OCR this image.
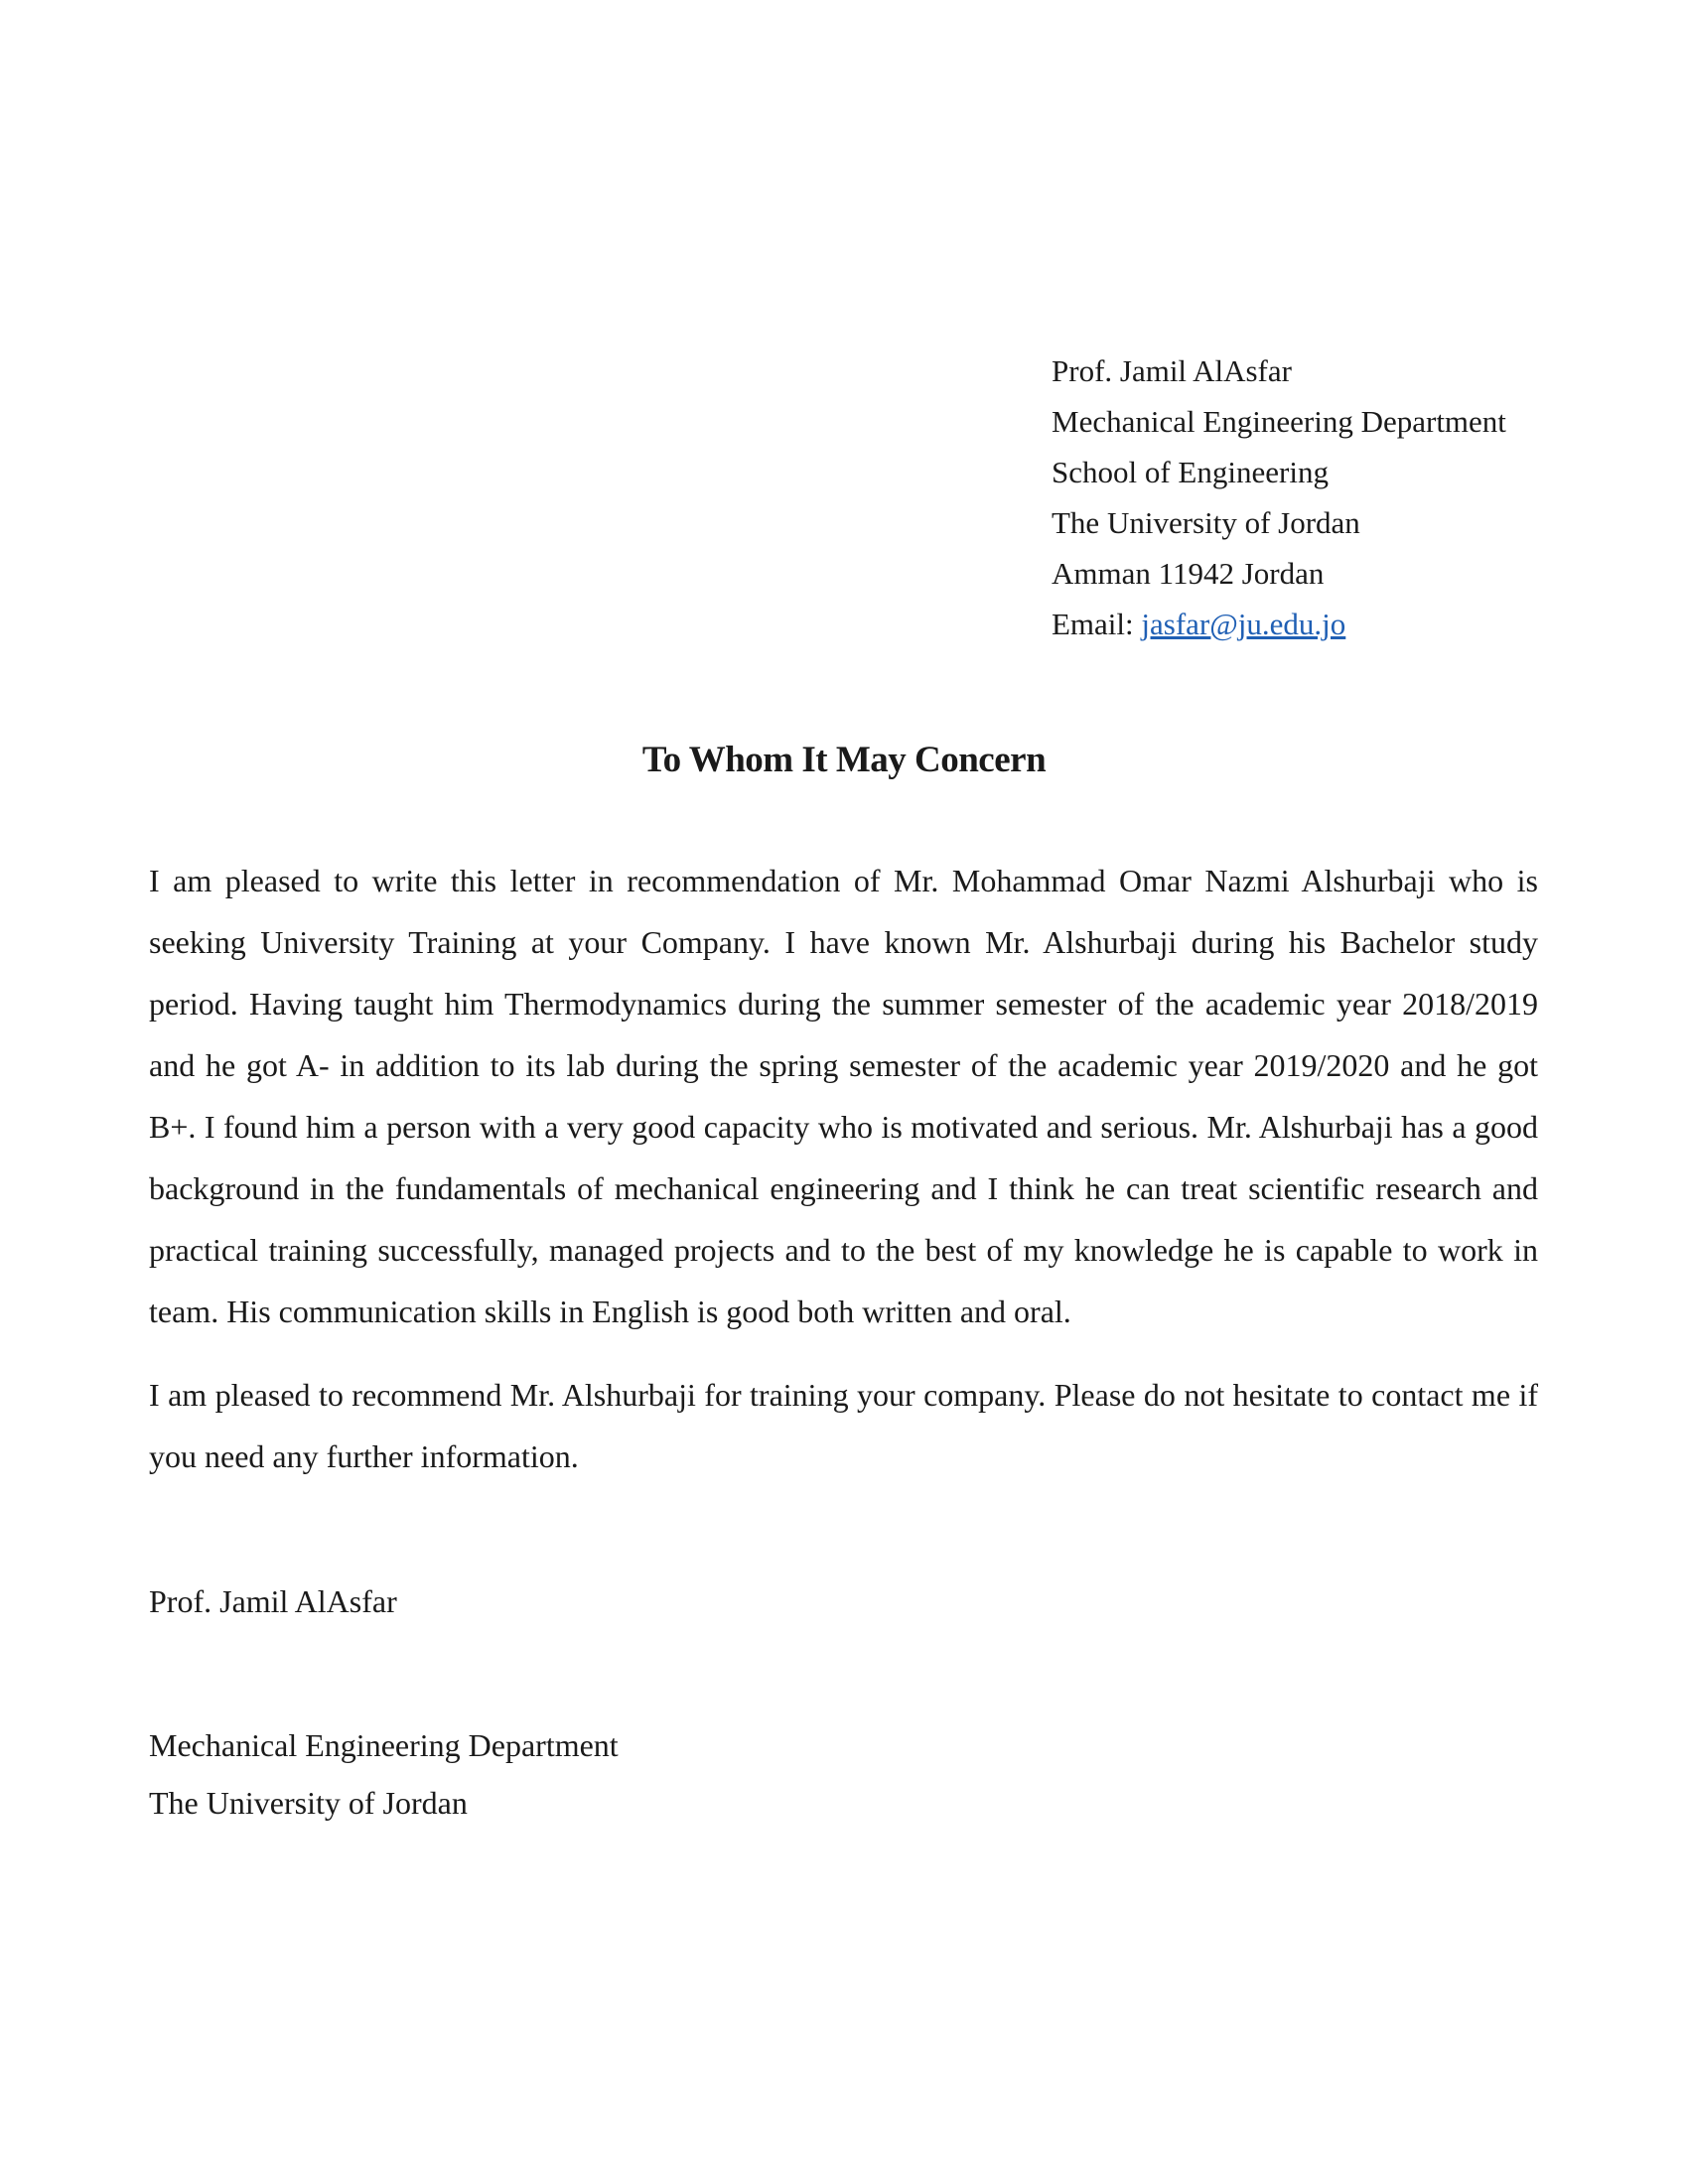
Prof. Jamil AlAsfar
Mechanical Engineering Department
School of Engineering
The University of Jordan
Amman 11942 Jordan
Email: jasfar@ju.edu.jo
To Whom It May Concern

I am pleased to write this letter in recommendation of Mr. Mohammad Omar Nazmi Alshurbaji who is seeking University Training at your Company. I have known Mr. Alshurbaji during his Bachelor study period. Having taught him Thermodynamics during the summer semester of the academic year 2018/2019 and he got A- in addition to its lab during the spring semester of the academic year 2019/2020 and he got B+. I found him a person with a very good capacity who is motivated and serious. Mr. Alshurbaji has a good background in the fundamentals of mechanical engineering and I think he can treat scientific research and practical training successfully, managed projects and to the best of my knowledge he is capable to work in team. His communication skills in English is good both written and oral.

I am pleased to recommend Mr. Alshurbaji for training your company. Please do not hesitate to contact me if you need any further information.

Prof. Jamil AlAsfar
Mechanical Engineering Department
The University of Jordan
